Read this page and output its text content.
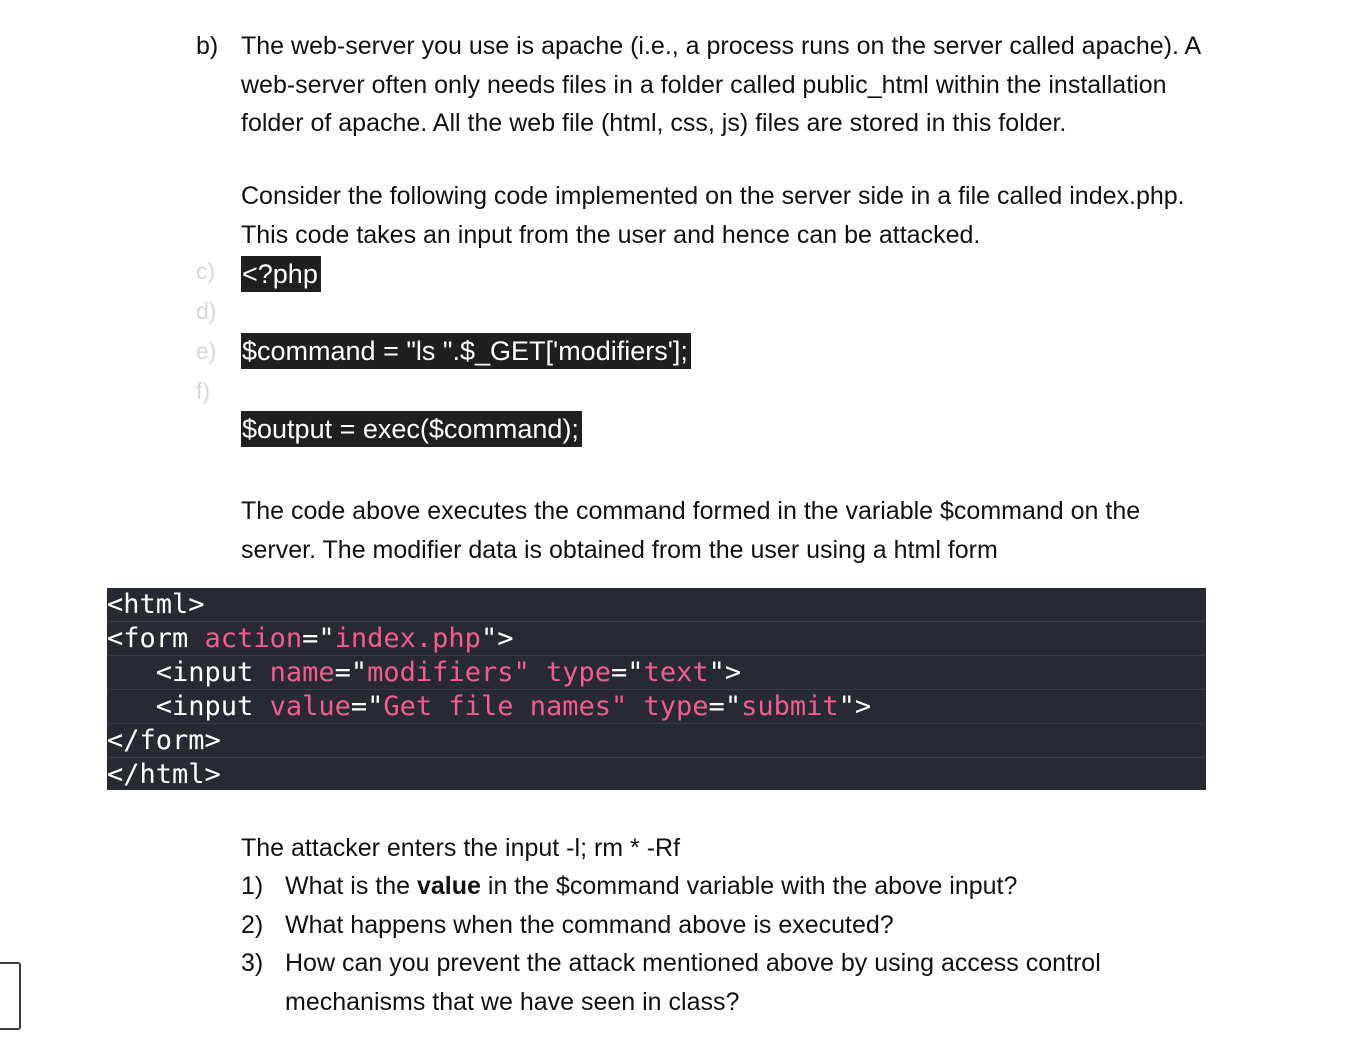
b) The web-server you use is apache (i.e., a process runs on the server called apache). A web-server often only needs files in a folder called public_html within the installation folder of apache. All the web file (html, css, js) files are stored in this folder.

Consider the following code implemented on the server side in a file called index.php. This code takes an input from the user and hence can be attacked.

c)
d)
e)
f)
<?php
$command = "ls ".$_GET['modifiers'];
$output = exec($command);

The code above executes the command formed in the variable $command on the server. The modifier data is obtained from the user using a html form

<html>
<form action="index.php">
<input name="modifiers" type="text">
<input value="Get file names" type="submit">
</form>
</html>

The attacker enters the input -l; rm * -Rf

1) What is the value in the $command variable with the above input?
2) What happens when the command above is executed?
3) How can you prevent the attack mentioned above by using access control mechanisms that we have seen in class?
